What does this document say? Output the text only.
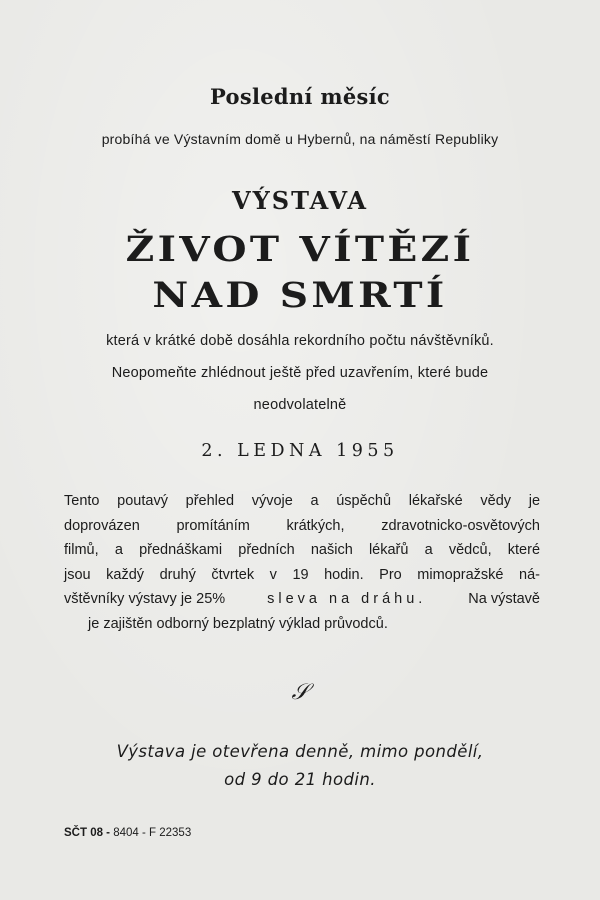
Poslední měsíc
probíhá ve Výstavním domě u Hybernů, na náměstí Republiky
VÝSTAVA
ŽIVOT VÍTĚZÍ
NAD SMRTÍ
která v krátké době dosáhla rekordního počtu návštěvníků.
Neopomeňte zhlédnout ještě před uzavřením, které bude
neodvolatelně
2. LEDNA 1955
Tento poutavý přehled vývoje a úspěchů lékařské vědy je
doprovázen promítáním krátkých, zdravotnicko-osvětových
filmů, a přednáškami předních našich lékařů a vědců, které
jsou každý druhý čtvrtek v 19 hodin. Pro mimopražské ná-
vštěvníky výstavy je 25%	sleva na dráhu.	Na výstavě
je zajištěn odborný bezplatný výklad průvodců.
𝒮
Výstava je otevřena denně, mimo pondělí,
od 9 do 21 hodin.
SČT 08 - 8404 - F 22353
